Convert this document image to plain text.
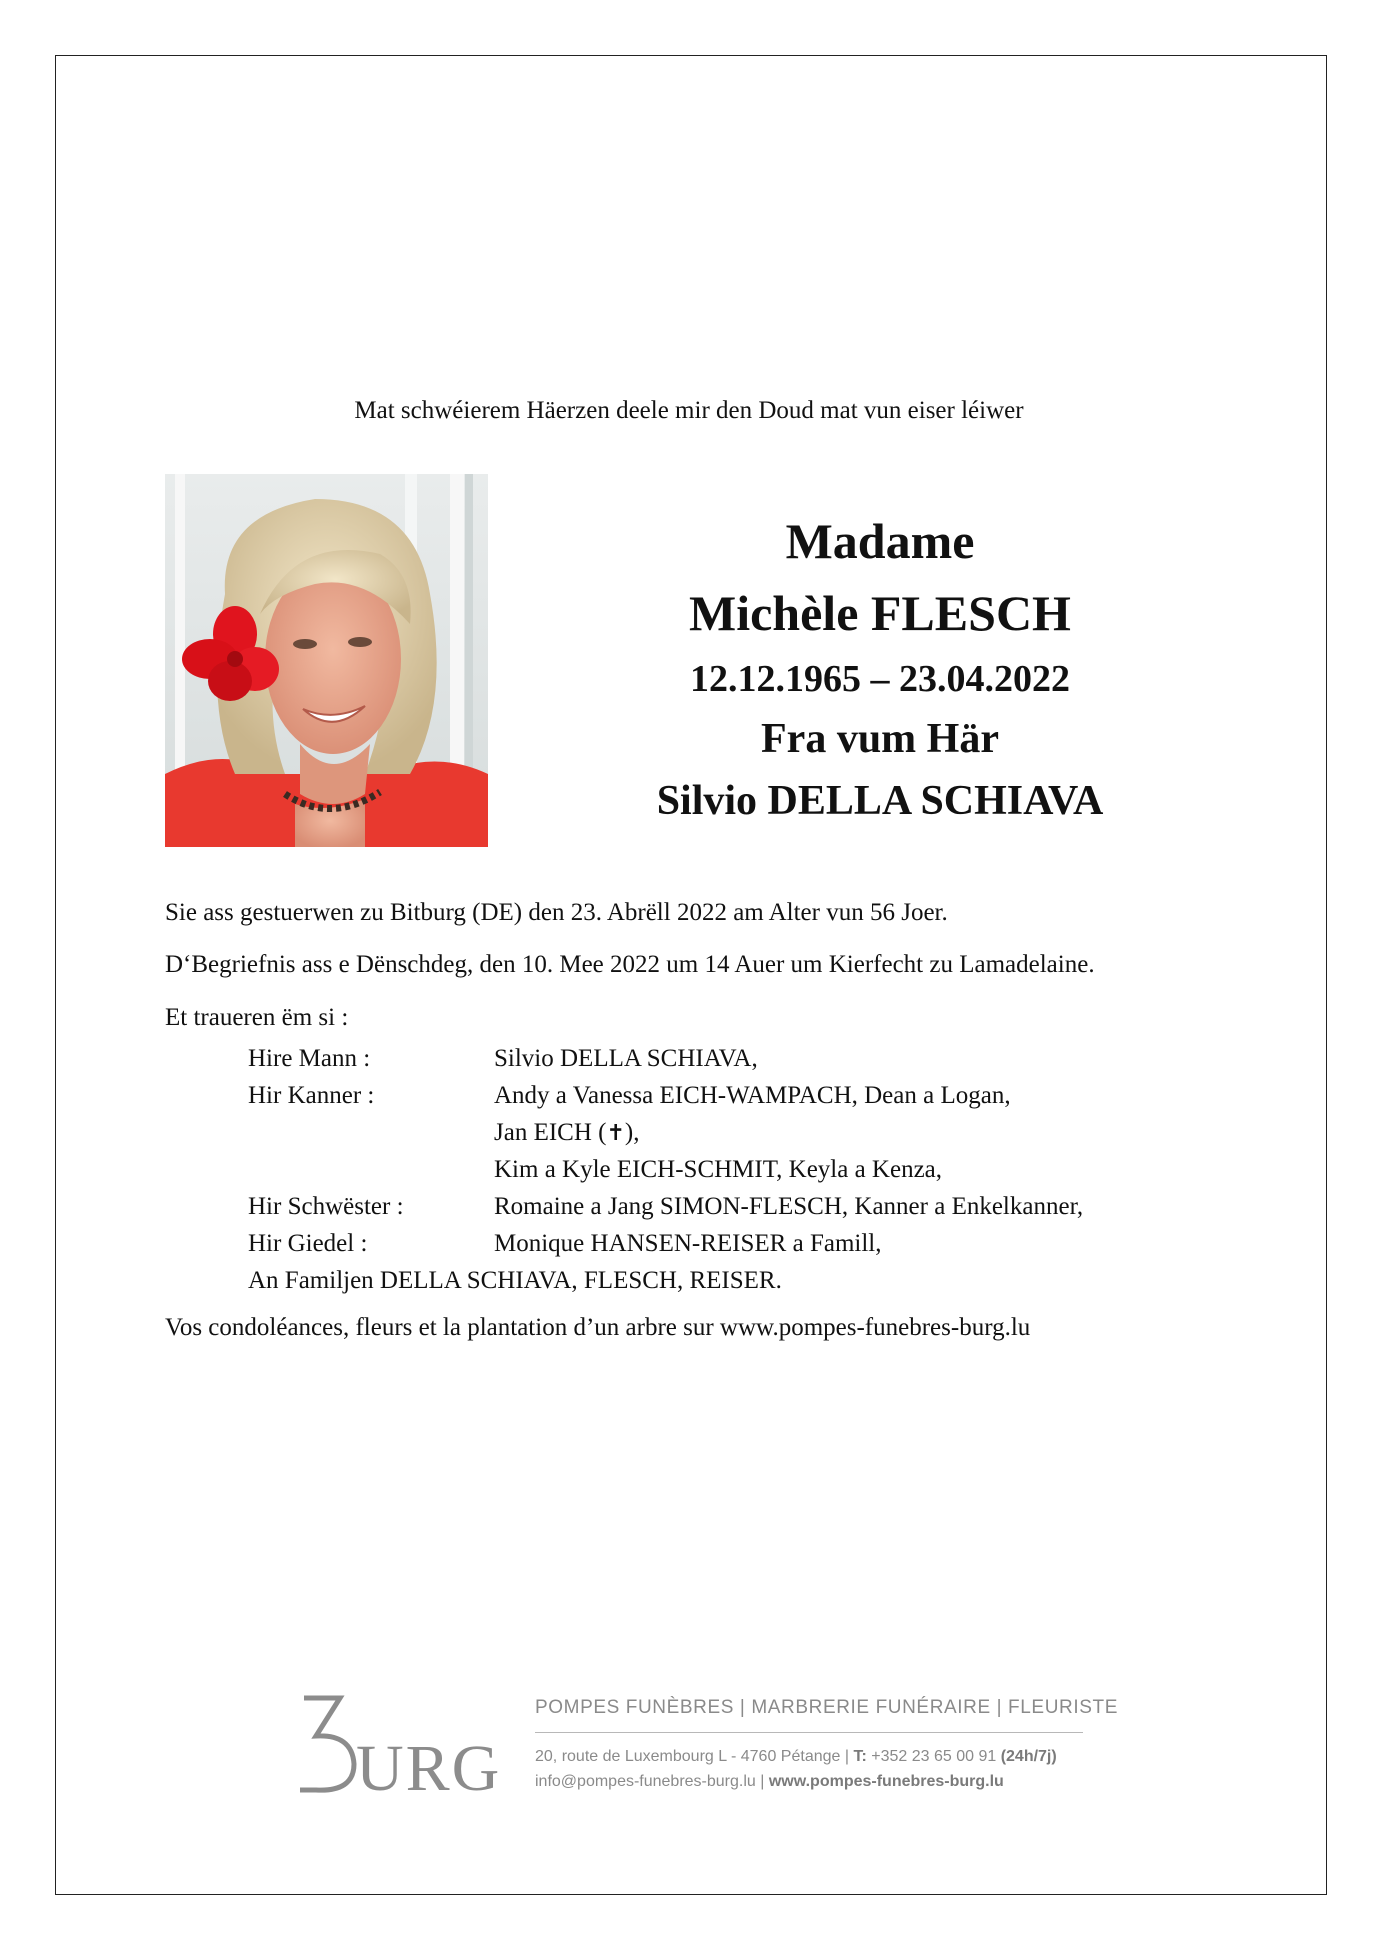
Mat schwéierem Häerzen deele mir den Doud mat vun eiser léiwer
Madame
Michèle FLESCH
12.12.1965 – 23.04.2022
Fra vum Här
Silvio DELLA SCHIAVA
Sie ass gestuerwen zu Bitburg (DE) den 23. Abrëll 2022 am Alter vun 56 Joer.
D‘Begriefnis ass e Dënschdeg, den 10. Mee 2022 um 14 Auer um Kierfecht zu Lamadelaine.
Et traueren ëm si :
Hire Mann :	Silvio DELLA SCHIAVA,
Hir Kanner :	Andy a Vanessa EICH-WAMPACH, Dean a Logan,
Jan EICH (✝),
Kim a Kyle EICH-SCHMIT, Keyla a Kenza,
Hir Schwëster :	Romaine a Jang SIMON-FLESCH, Kanner a Enkelkanner,
Hir Giedel :	Monique HANSEN-REISER a Famill,
An Familjen DELLA SCHIAVA, FLESCH, REISER.
Vos condoléances, fleurs et la plantation d’un arbre sur www.pompes-funebres-burg.lu
URG
POMPES FUNÈBRES | MARBRERIE FUNÉRAIRE | FLEURISTE
20, route de Luxembourg L - 4760 Pétange | T: +352 23 65 00 91 (24h/7j)
info@pompes-funebres-burg.lu | www.pompes-funebres-burg.lu
